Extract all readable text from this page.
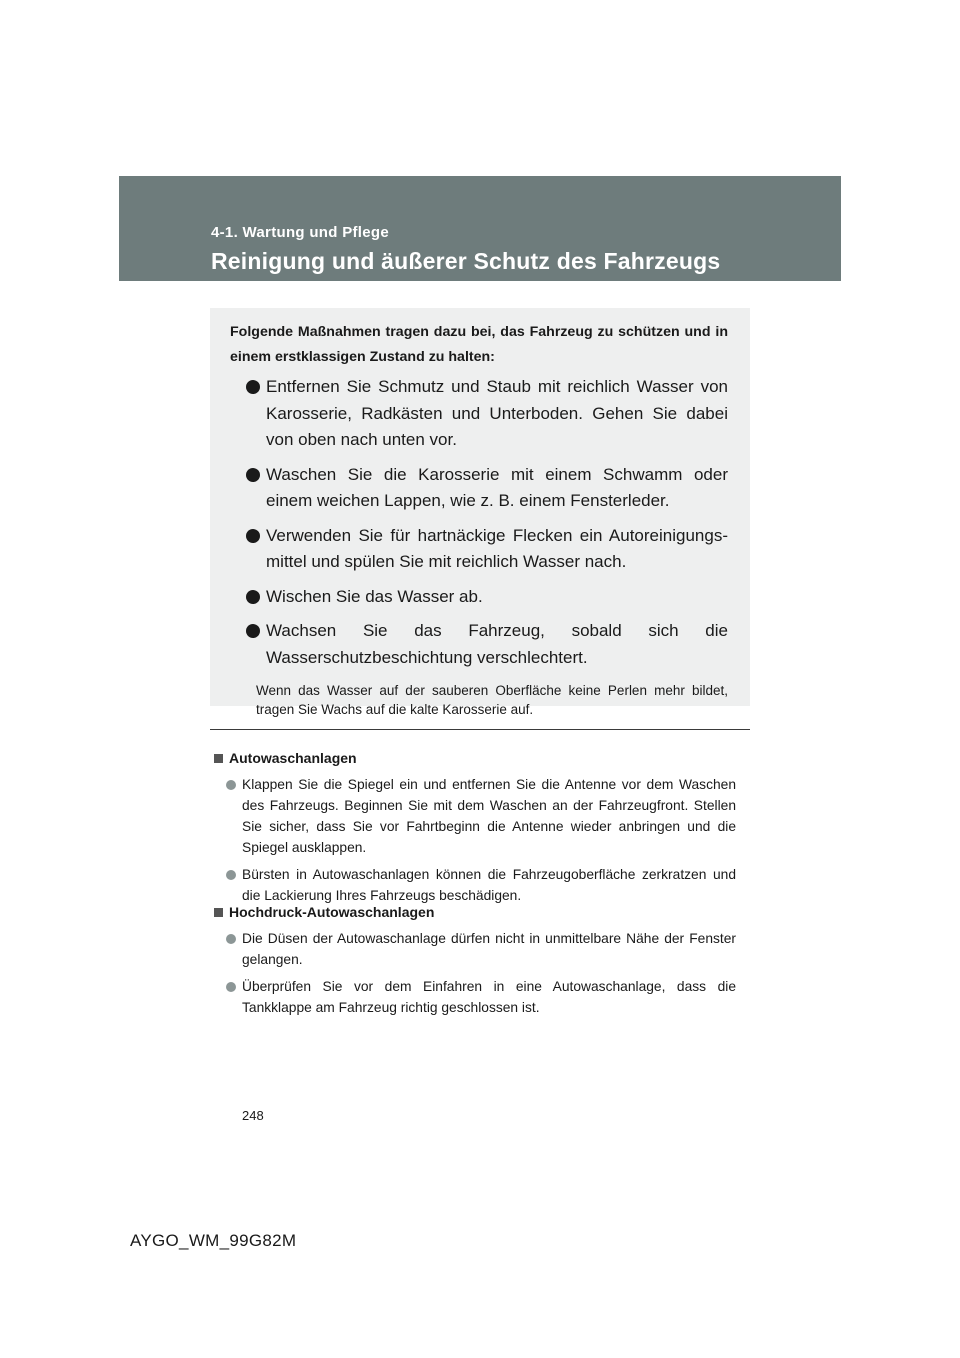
4-1. Wartung und Pflege
Reinigung und äußerer Schutz des Fahrzeugs

Folgende Maßnahmen tragen dazu bei, das Fahrzeug zu schützen und in einem erstklassigen Zustand zu halten:

Entfernen Sie Schmutz und Staub mit reichlich Wasser von Karosserie, Radkästen und Unterboden. Gehen Sie dabei von oben nach unten vor.
Waschen Sie die Karosserie mit einem Schwamm oder einem weichen Lappen, wie z. B. einem Fensterleder.
Verwenden Sie für hartnäckige Flecken ein Autoreinigungsmittel und spülen Sie mit reichlich Wasser nach.
Wischen Sie das Wasser ab.
Wachsen Sie das Fahrzeug, sobald sich die Wasserschutzbeschichtung verschlechtert.
Wenn das Wasser auf der sauberen Oberfläche keine Perlen mehr bildet, tragen Sie Wachs auf die kalte Karosserie auf.
Autowaschanlagen
Klappen Sie die Spiegel ein und entfernen Sie die Antenne vor dem Waschen des Fahrzeugs. Beginnen Sie mit dem Waschen an der Fahrzeugfront. Stellen Sie sicher, dass Sie vor Fahrtbeginn die Antenne wieder anbringen und die Spiegel ausklappen.
Bürsten in Autowaschanlagen können die Fahrzeugoberfläche zerkratzen und die Lackierung Ihres Fahrzeugs beschädigen.
Hochdruck-Autowaschanlagen
Die Düsen der Autowaschanlage dürfen nicht in unmittelbare Nähe der Fenster gelangen.
Überprüfen Sie vor dem Einfahren in eine Autowaschanlage, dass die Tankklappe am Fahrzeug richtig geschlossen ist.
248
AYGO_WM_99G82M
